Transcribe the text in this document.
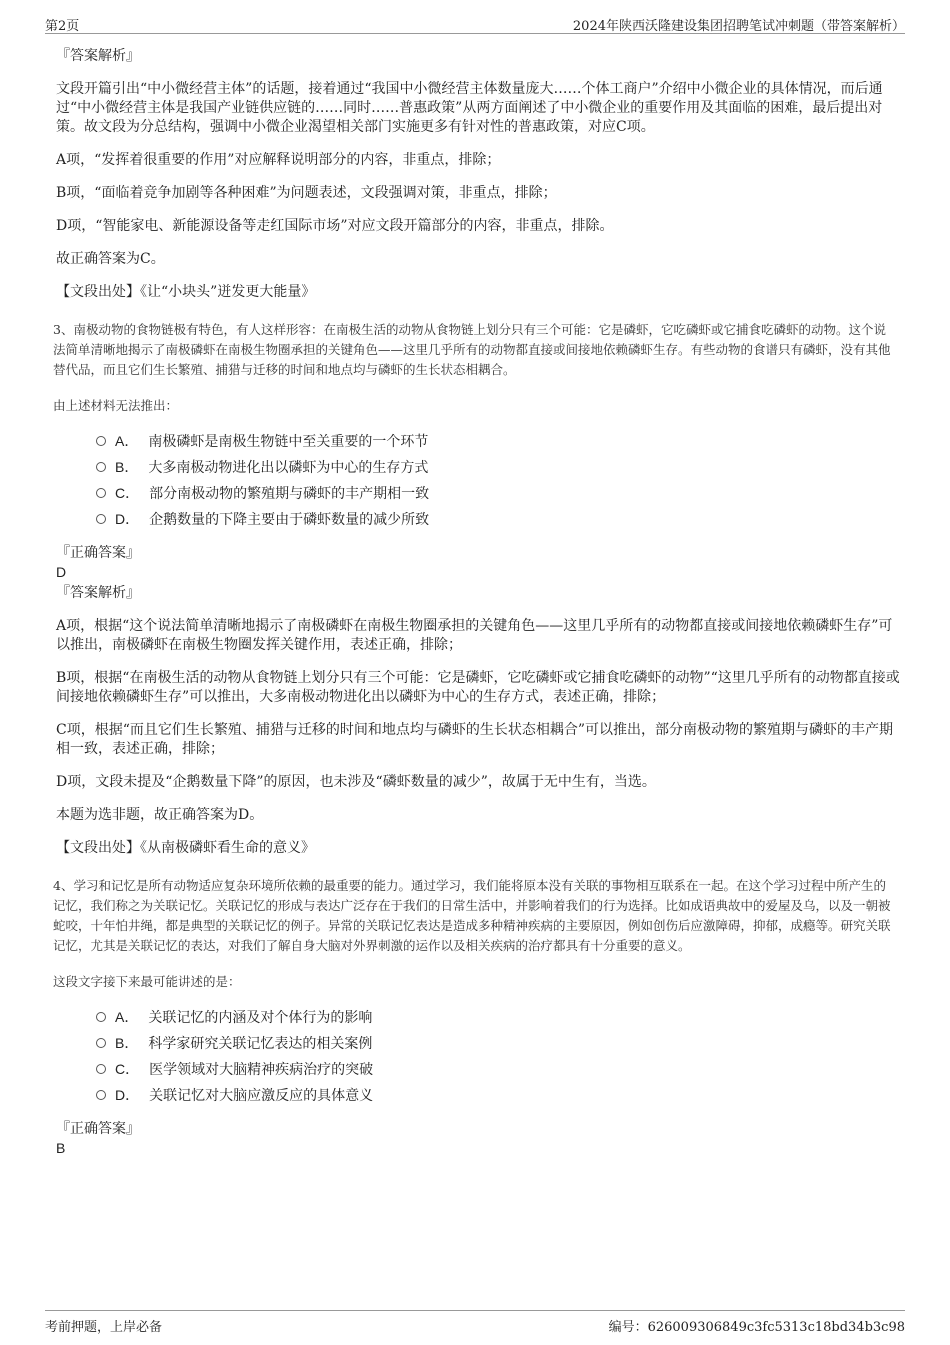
第2页	2024年陕西沃隆建设集团招聘笔试冲刺题（带答案解析）
『答案解析』
文段开篇引出“中小微经营主体”的话题，接着通过“我国中小微经营主体数量庞大……个体工商户”介绍中小微企业的具体情况，而后通过“中小微经营主体是我国产业链供应链的……同时……普惠政策”从两方面阐述了中小微企业的重要作用及其面临的困难，最后提出对策。故文段为分总结构，强调中小微企业渴望相关部门实施更多有针对性的普惠政策，对应C项。
A项，“发挥着很重要的作用”对应解释说明部分的内容，非重点，排除；
B项，“面临着竞争加剧等各种困难”为问题表述，文段强调对策，非重点，排除；
D项，“智能家电、新能源设备等走红国际市场”对应文段开篇部分的内容，非重点，排除。
故正确答案为C。
【文段出处】《让“小块头”迸发更大能量》
3、南极动物的食物链极有特色，有人这样形容：在南极生活的动物从食物链上划分只有三个可能：它是磷虾，它吃磷虾或它捕食吃磷虾的动物。这个说法简单清晰地揭示了南极磷虾在南极生物圈承担的关键角色——这里几乎所有的动物都直接或间接地依赖磷虾生存。有些动物的食谱只有磷虾，没有其他替代品，而且它们生长繁殖、捕猎与迁移的时间和地点均与磷虾的生长状态相耦合。
由上述材料无法推出：
A． 南极磷虾是南极生物链中至关重要的一个环节
B． 大多南极动物进化出以磷虾为中心的生存方式
C． 部分南极动物的繁殖期与磷虾的丰产期相一致
D． 企鹅数量的下降主要由于磷虾数量的减少所致
『正确答案』
D
『答案解析』
A项，根据“这个说法简单清晰地揭示了南极磷虾在南极生物圈承担的关键角色——这里几乎所有的动物都直接或间接地依赖磷虾生存”可以推出，南极磷虾在南极生物圈发挥关键作用，表述正确，排除；
B项，根据“在南极生活的动物从食物链上划分只有三个可能：它是磷虾，它吃磷虾或它捕食吃磷虾的动物”“这里几乎所有的动物都直接或间接地依赖磷虾生存”可以推出，大多南极动物进化出以磷虾为中心的生存方式，表述正确，排除；
C项，根据“而且它们生长繁殖、捕猎与迁移的时间和地点均与磷虾的生长状态相耦合”可以推出，部分南极动物的繁殖期与磷虾的丰产期相一致，表述正确，排除；
D项，文段未提及“企鹅数量下降”的原因，也未涉及“磷虾数量的减少”，故属于无中生有，当选。
本题为选非题，故正确答案为D。
【文段出处】《从南极磷虾看生命的意义》
4、学习和记忆是所有动物适应复杂环境所依赖的最重要的能力。通过学习，我们能将原本没有关联的事物相互联系在一起。在这个学习过程中所产生的记忆，我们称之为关联记忆。关联记忆的形成与表达广泛存在于我们的日常生活中，并影响着我们的行为选择。比如成语典故中的爱屋及乌，以及一朝被蛇咬，十年怕井绳，都是典型的关联记忆的例子。异常的关联记忆表达是造成多种精神疾病的主要原因，例如创伤后应激障碍，抑郁，成瘾等。研究关联记忆，尤其是关联记忆的表达，对我们了解自身大脑对外界刺激的运作以及相关疾病的治疗都具有十分重要的意义。
这段文字接下来最可能讲述的是：
A． 关联记忆的内涵及对个体行为的影响
B． 科学家研究关联记忆表达的相关案例
C． 医学领域对大脑精神疾病治疗的突破
D． 关联记忆对大脑应激反应的具体意义
『正确答案』
B
考前押题，上岸必备	编号：626009306849c3fc5313c18bd34b3c98
